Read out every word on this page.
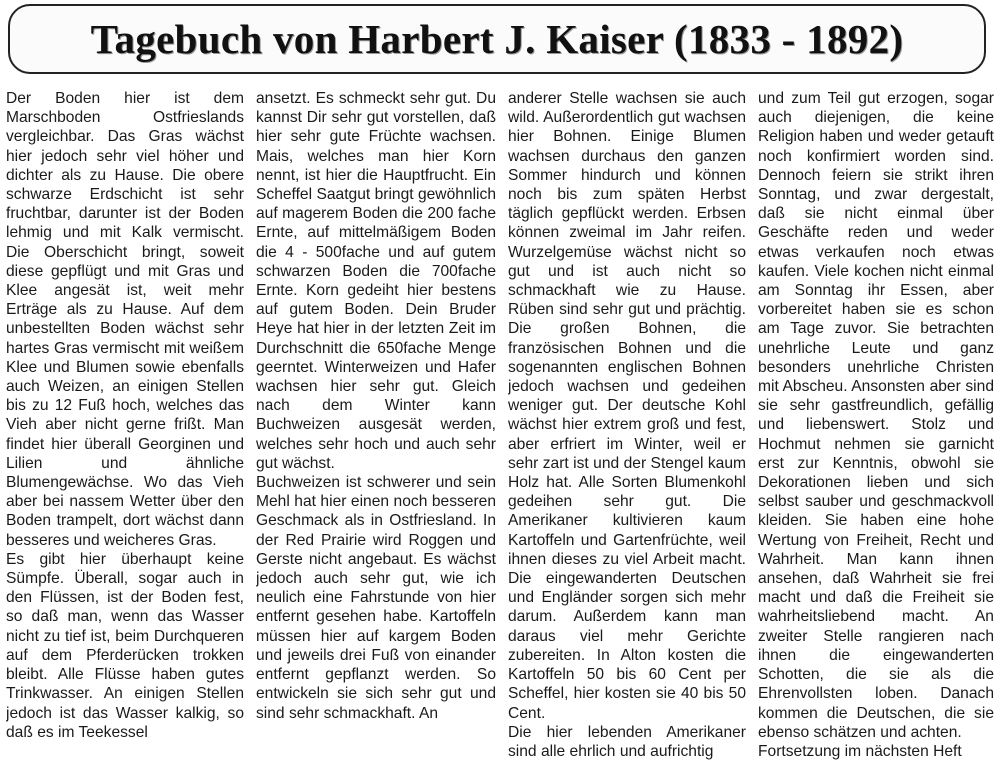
Tagebuch von Harbert J. Kaiser (1833 - 1892)

Der Boden hier ist dem Marschboden Ostfrieslands vergleichbar. Das Gras wächst hier jedoch sehr viel höher und dichter als zu Hause. Die obere schwarze Erdschicht ist sehr fruchtbar, darunter ist der Boden lehmig und mit Kalk vermischt. Die Oberschicht bringt, soweit diese gepflügt und mit Gras und Klee angesät ist, weit mehr Erträge als zu Hause. Auf dem unbestellten Boden wächst sehr hartes Gras vermischt mit weißem Klee und Blumen sowie ebenfalls auch Weizen, an einigen Stellen bis zu 12 Fuß hoch, welches das Vieh aber nicht gerne frißt. Man findet hier überall Georginen und Lilien und ähnliche Blumengewächse. Wo das Vieh aber bei nassem Wetter über den Boden trampelt, dort wächst dann besseres und weicheres Gras.

Es gibt hier überhaupt keine Sümpfe. Überall, sogar auch in den Flüssen, ist der Boden fest, so daß man, wenn das Wasser nicht zu tief ist, beim Durchqueren auf dem Pferderücken trokken bleibt. Alle Flüsse haben gutes Trinkwasser. An einigen Stellen jedoch ist das Wasser kalkig, so daß es im Teekessel

ansetzt. Es schmeckt sehr gut. Du kannst Dir sehr gut vorstellen, daß hier sehr gute Früchte wachsen. Mais, welches man hier Korn nennt, ist hier die Hauptfrucht. Ein Scheffel Saatgut bringt gewöhnlich auf magerem Boden die 200 fache Ernte, auf mittelmäßigem Boden die 4 - 500fache und auf gutem schwarzen Boden die 700fache Ernte. Korn gedeiht hier bestens auf gutem Boden. Dein Bruder Heye hat hier in der letzten Zeit im Durchschnitt die 650fache Menge geerntet. Winterweizen und Hafer wachsen hier sehr gut. Gleich nach dem Winter kann Buchweizen ausgesät werden, welches sehr hoch und auch sehr gut wächst.

Buchweizen ist schwerer und sein Mehl hat hier einen noch besseren Geschmack als in Ostfriesland. In der Red Prairie wird Roggen und Gerste nicht angebaut. Es wächst jedoch auch sehr gut, wie ich neulich eine Fahrstunde von hier entfernt gesehen habe. Kartoffeln müssen hier auf kargem Boden und jeweils drei Fuß von einander entfernt gepflanzt werden. So entwickeln sie sich sehr gut und sind sehr schmackhaft. An

anderer Stelle wachsen sie auch wild. Außerordentlich gut wachsen hier Bohnen. Einige Blumen wachsen durchaus den ganzen Sommer hindurch und können noch bis zum späten Herbst täglich gepflückt werden. Erbsen können zweimal im Jahr reifen. Wurzelgemüse wächst nicht so gut und ist auch nicht so schmackhaft wie zu Hause. Rüben sind sehr gut und prächtig. Die großen Bohnen, die französischen Bohnen und die sogenannten englischen Bohnen jedoch wachsen und gedeihen weniger gut. Der deutsche Kohl wächst hier extrem groß und fest, aber erfriert im Winter, weil er sehr zart ist und der Stengel kaum Holz hat. Alle Sorten Blumenkohl gedeihen sehr gut. Die Amerikaner kultivieren kaum Kartoffeln und Gartenfrüchte, weil ihnen dieses zu viel Arbeit macht. Die eingewanderten Deutschen und Engländer sorgen sich mehr darum. Außerdem kann man daraus viel mehr Gerichte zubereiten. In Alton kosten die Kartoffeln 50 bis 60 Cent per Scheffel, hier kosten sie 40 bis 50 Cent.

Die hier lebenden Amerikaner sind alle ehrlich und aufrichtig

und zum Teil gut erzogen, sogar auch diejenigen, die keine Religion haben und weder getauft noch konfirmiert worden sind. Dennoch feiern sie strikt ihren Sonntag, und zwar dergestalt, daß sie nicht einmal über Geschäfte reden und weder etwas verkaufen noch etwas kaufen. Viele kochen nicht einmal am Sonntag ihr Essen, aber vorbereitet haben sie es schon am Tage zuvor. Sie betrachten unehrliche Leute und ganz besonders unehrliche Christen mit Abscheu. Ansonsten aber sind sie sehr gastfreundlich, gefällig und liebenswert. Stolz und Hochmut nehmen sie garnicht erst zur Kenntnis, obwohl sie Dekorationen lieben und sich selbst sauber und geschmackvoll kleiden. Sie haben eine hohe Wertung von Freiheit, Recht und Wahrheit. Man kann ihnen ansehen, daß Wahrheit sie frei macht und daß die Freiheit sie wahrheitsliebend macht. An zweiter Stelle rangieren nach ihnen die eingewanderten Schotten, die sie als die Ehrenvollsten loben. Danach kommen die Deutschen, die sie ebenso schätzen und achten.

Fortsetzung im nächsten Heft
